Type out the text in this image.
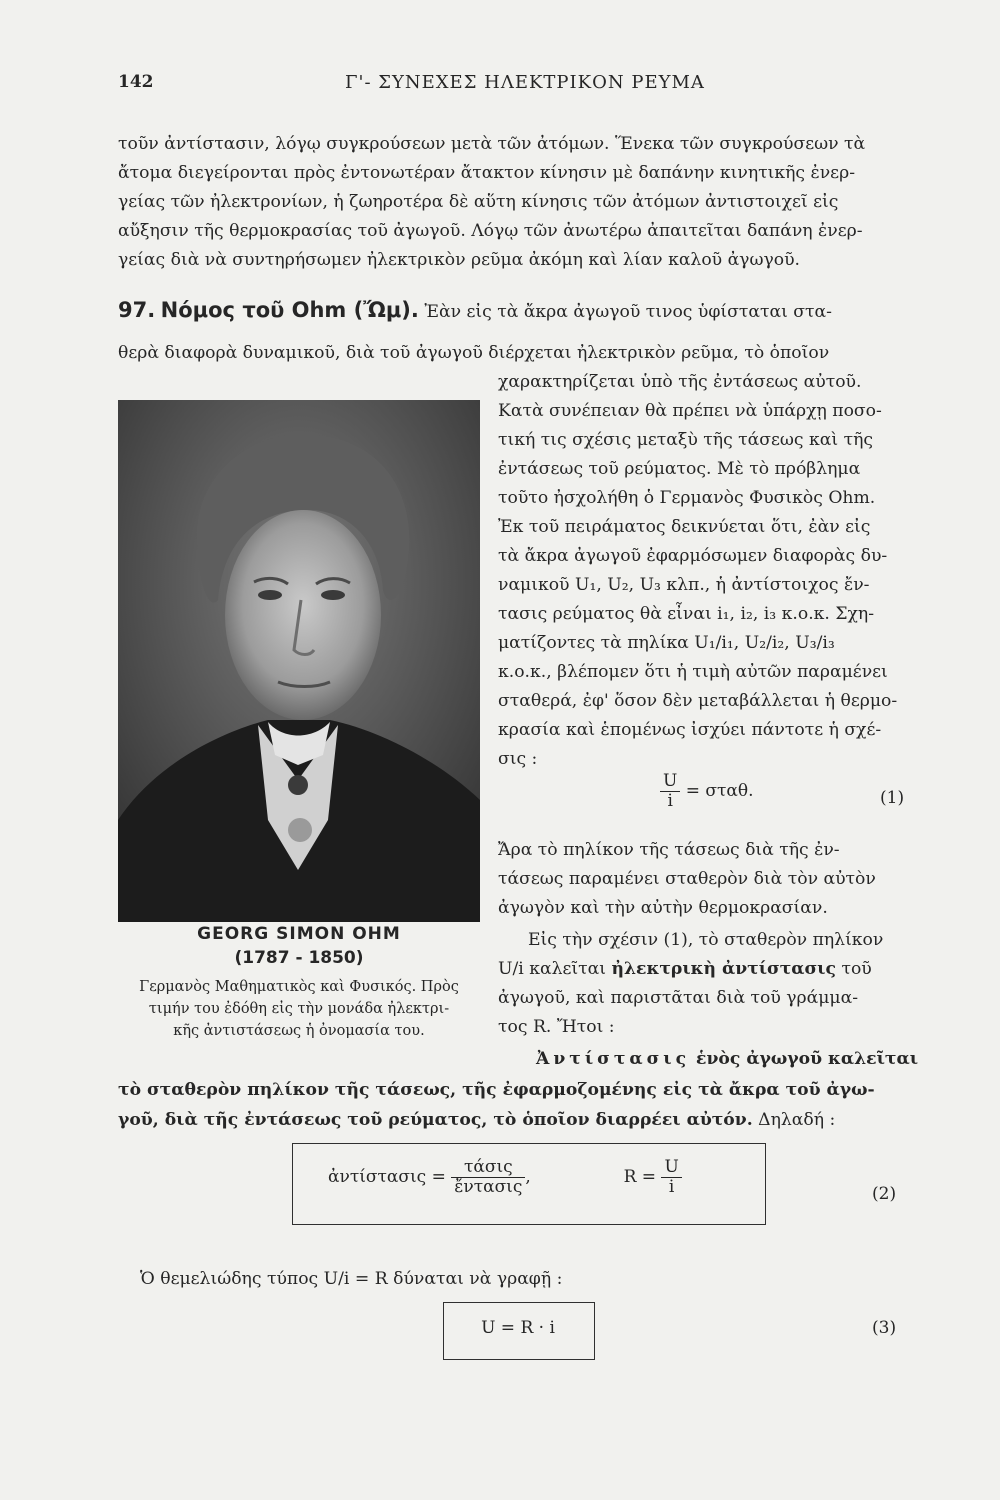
142	Γ'- ΣΥΝΕΧΕΣ ΗΛΕΚΤΡΙΚΟΝ ΡΕΥΜΑ
τοῦν ἀντίστασιν, λόγῳ συγκρούσεων μετὰ τῶν ἀτόμων. Ἕνεκα τῶν συγκρούσεων τὰ
ἄτομα διεγείρονται πρὸς ἐντονωτέραν ἄτακτον κίνησιν μὲ δαπάνην κινητικῆς ἐνερ-
γείας τῶν ἠλεκτρονίων, ἡ ζωηροτέρα δὲ αὕτη κίνησις τῶν ἀτόμων ἀντιστοιχεῖ εἰς
αὔξησιν τῆς θερμοκρασίας τοῦ ἀγωγοῦ. Λόγῳ τῶν ἀνωτέρω ἀπαιτεῖται δαπάνη ἐνερ-
γείας διὰ νὰ συντηρήσωμεν ἠλεκτρικὸν ρεῦμα ἀκόμη καὶ λίαν καλοῦ ἀγωγοῦ.
97. Νόμος τοῦ Ohm (Ὤμ). Ἐὰν εἰς τὰ ἄκρα ἀγωγοῦ τινος ὑφίσταται στα-
θερὰ διαφορὰ δυναμικοῦ, διὰ τοῦ ἀγωγοῦ διέρχεται ἠλεκτρικὸν ρεῦμα, τὸ ὁποῖον
GEORG SIMON OHM
(1787 - 1850)
Γερμανὸς Μαθηματικὸς καὶ Φυσικός. Πρὸς
τιμήν του ἐδόθη εἰς τὴν μονάδα ἠλεκτρι-
κῆς ἀντιστάσεως ἡ ὀνομασία του.
χαρακτηρίζεται ὑπὸ τῆς ἐντάσεως αὐτοῦ.
Κατὰ συνέπειαν θὰ πρέπει νὰ ὑπάρχῃ ποσο-
τική τις σχέσις μεταξὺ τῆς τάσεως καὶ τῆς
ἐντάσεως τοῦ ρεύματος. Μὲ τὸ πρόβλημα
τοῦτο ἠσχολήθη ὁ Γερμανὸς Φυσικὸς Ohm.
Ἐκ τοῦ πειράματος δεικνύεται ὅτι, ἐὰν εἰς
τὰ ἄκρα ἀγωγοῦ ἐφαρμόσωμεν διαφορὰς δυ-
ναμικοῦ U₁, U₂, U₃ κλπ., ἡ ἀντίστοιχος ἔν-
τασις ρεύματος θὰ εἶναι i₁, i₂, i₃ κ.ο.κ. Σχη-
ματίζοντες τὰ πηλίκα U₁/i₁, U₂/i₂, U₃/i₃
κ.ο.κ., βλέπομεν ὅτι ἡ τιμὴ αὐτῶν παραμένει
σταθερά, ἐφ' ὅσον δὲν μεταβάλλεται ἡ θερμο-
κρασία καὶ ἑπομένως ἰσχύει πάντοτε ἡ σχέ-
σις :
$\frac{U}{i} = \sigma\tau\alpha\theta$.	(1)
Ἄρα τὸ πηλίκον τῆς τάσεως διὰ τῆς ἐν-
τάσεως παραμένει σταθερὸν διὰ τὸν αὐτὸν
ἀγωγὸν καὶ τὴν αὐτὴν θερμοκρασίαν.
Εἰς τὴν σχέσιν (1), τὸ σταθερὸν πηλίκον
U/i καλεῖται ἠλεκτρικὴ ἀντίστασις τοῦ
ἀγωγοῦ, καὶ παριστᾶται διὰ τοῦ γράμμα-
τος R. Ἤτοι :
Ἀντίστασις ἑνὸς ἀγωγοῦ καλεῖται
τὸ σταθερὸν πηλίκον τῆς τάσεως, τῆς ἐφαρμοζομένης εἰς τὰ ἄκρα τοῦ ἀγω-
γοῦ, διὰ τῆς ἐντάσεως τοῦ ρεύματος, τὸ ὁποῖον διαρρέει αὐτόν. Δηλαδή :
ἀντίστασις = $\frac{\text{τάσις}}{\text{ἔντασις}}$ ,	$R = \frac{U}{i}$	(2)
Ὁ θεμελιώδης τύπος U/i = R δύναται νὰ γραφῇ :
U = R · i	(3)
